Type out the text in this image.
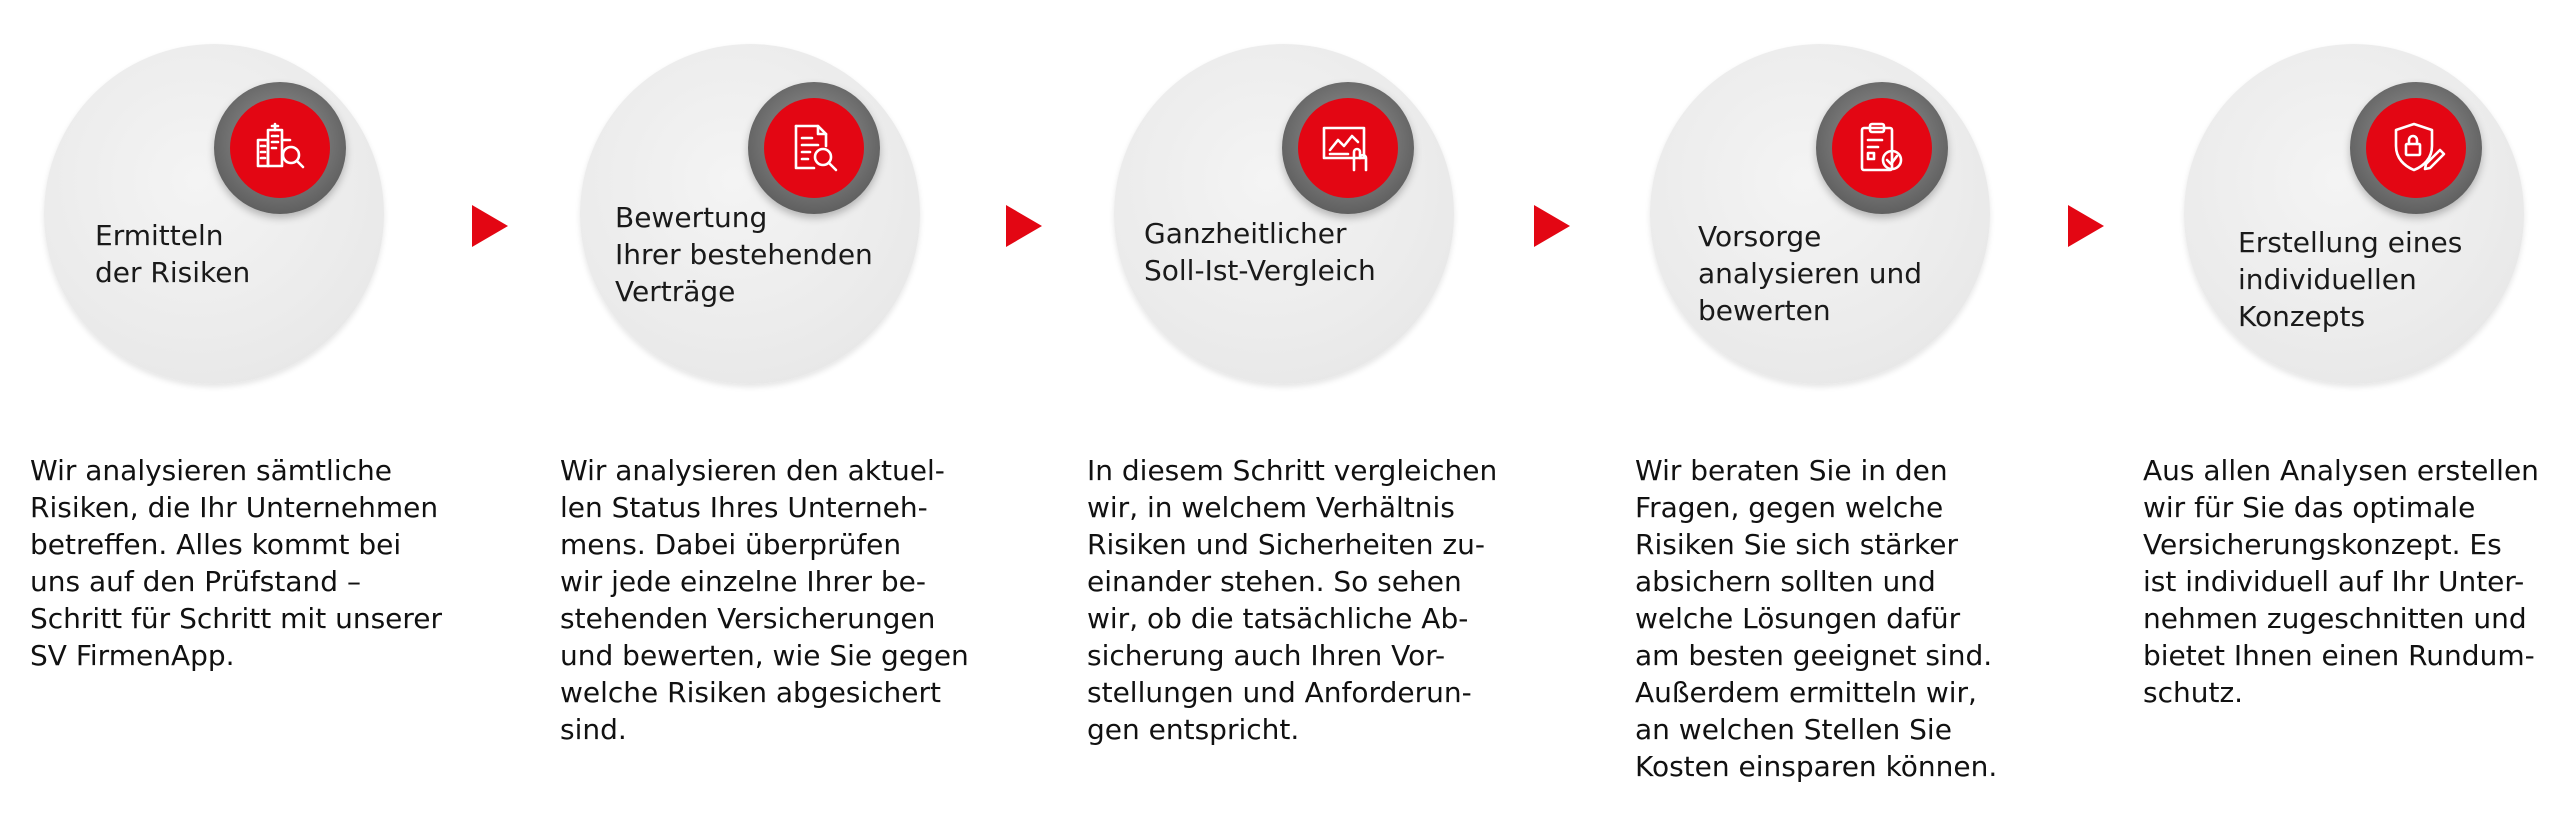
Ermitteln
der Risiken
Wir analysieren sämtliche
Risiken, die Ihr Unternehmen
betreffen. Alles kommt bei
uns auf den Prüfstand –
Schritt für Schritt mit unserer
SV FirmenApp.
Bewertung
Ihrer bestehenden
Verträge
Wir analysieren den aktuel-
len Status Ihres Unterneh-
mens. Dabei überprüfen
wir jede einzelne Ihrer be-
stehenden Versicherungen
und bewerten, wie Sie gegen
welche Risiken abgesichert
sind.
Ganzheitlicher
Soll-Ist-Vergleich
In diesem Schritt vergleichen
wir, in welchem Verhältnis
Risiken und Sicherheiten zu-
einander stehen. So sehen
wir, ob die tatsächliche Ab-
sicherung auch Ihren Vor-
stellungen und Anforderun-
gen entspricht.
Vorsorge
analysieren und
bewerten
Wir beraten Sie in den
Fragen, gegen welche
Risiken Sie sich stärker
absichern sollten und
welche Lösungen dafür
am besten geeignet sind.
Außerdem ermitteln wir,
an welchen Stellen Sie
Kosten einsparen können.
Erstellung eines
individuellen
Konzepts
Aus allen Analysen erstellen
wir für Sie das optimale
Versicherungskonzept. Es
ist individuell auf Ihr Unter-
nehmen zugeschnitten und
bietet Ihnen einen Rundum-
schutz.
